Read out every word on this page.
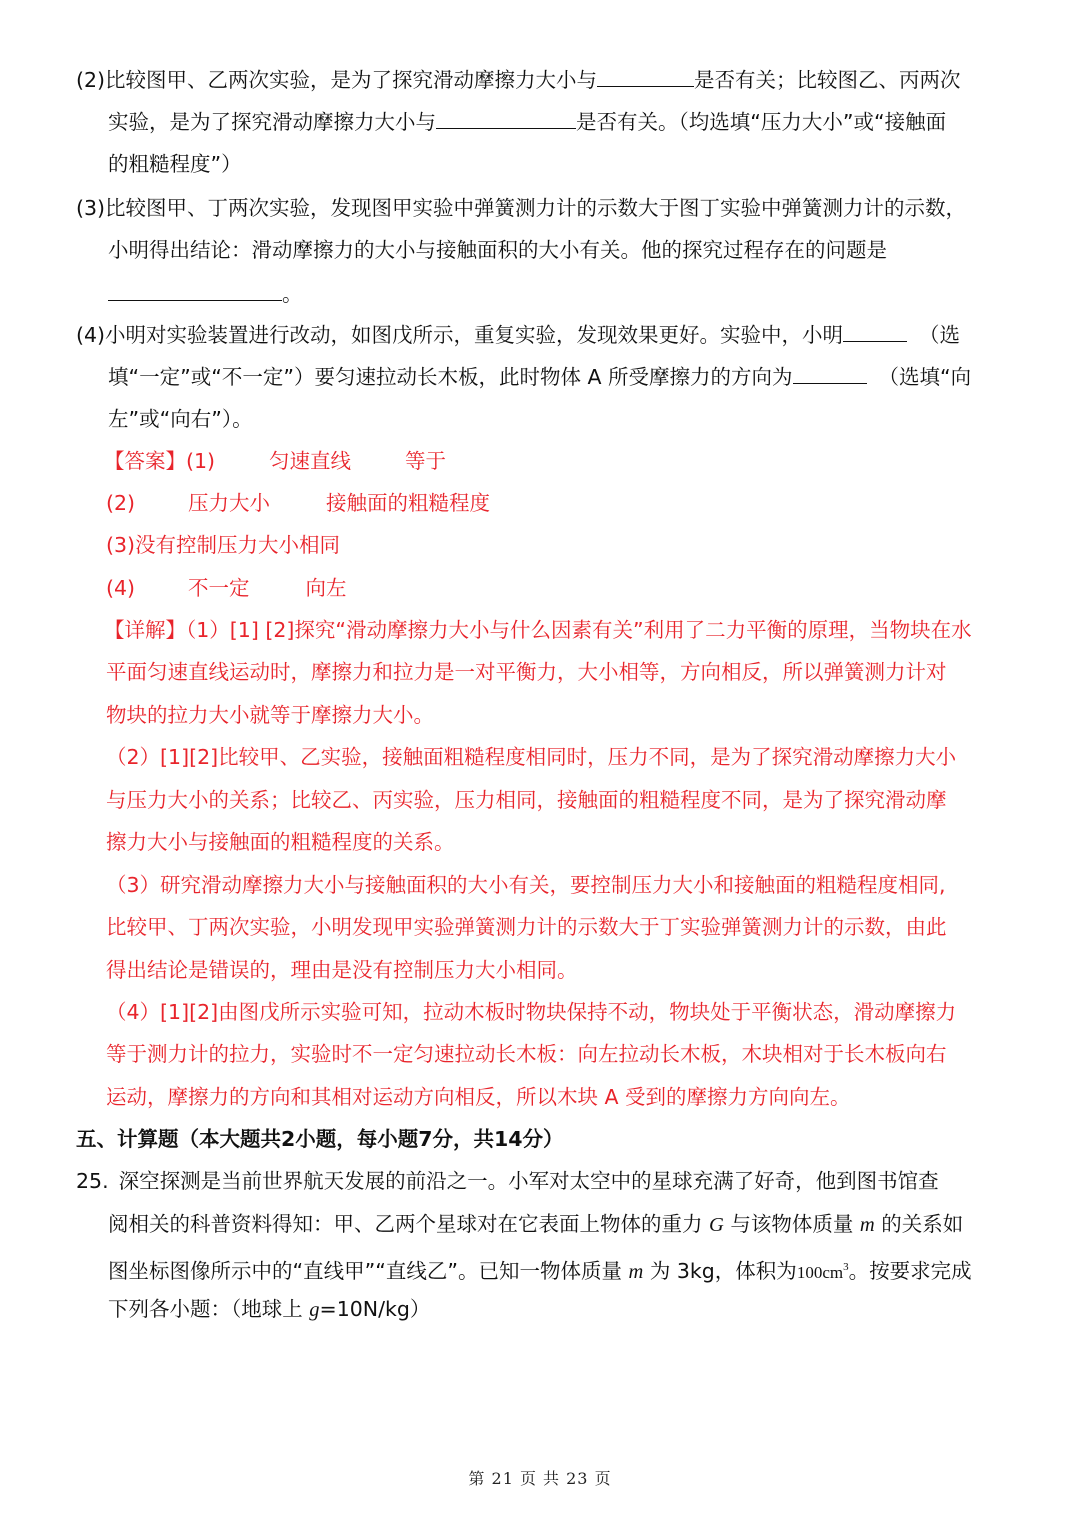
(2)比较图甲、乙两次实验，是为了探究滑动摩擦力大小与	是否有关；比较图乙、丙两次
实验，是为了探究滑动摩擦力大小与	是否有关。（均选填“压力大小”或“接触面
的粗糙程度”）
(3)比较图甲、丁两次实验，发现图甲实验中弹簧测力计的示数大于图丁实验中弹簧测力计的示数，
小明得出结论：滑动摩擦力的大小与接触面积的大小有关。他的探究过程存在的问题是
。
(4)小明对实验装置进行改动，如图戊所示，重复实验，发现效果更好。实验中，小明	（选
填“一定”或“不一定”）要匀速拉动长木板，此时物体 A 所受摩擦力的方向为	（选填“向
左”或“向右”）。
【答案】(1)	匀速直线	等于
(2)	压力大小	接触面的粗糙程度
(3)没有控制压力大小相同
(4)	不一定	向左
【详解】（1）[1] [2]探究“滑动摩擦力大小与什么因素有关”利用了二力平衡的原理，当物块在水
平面匀速直线运动时，摩擦力和拉力是一对平衡力，大小相等，方向相反，所以弹簧测力计对
物块的拉力大小就等于摩擦力大小。
（2）[1][2]比较甲、乙实验，接触面粗糙程度相同时，压力不同，是为了探究滑动摩擦力大小
与压力大小的关系；比较乙、丙实验，压力相同，接触面的粗糙程度不同，是为了探究滑动摩
擦力大小与接触面的粗糙程度的关系。
（3）研究滑动摩擦力大小与接触面积的大小有关，要控制压力大小和接触面的粗糙程度相同,
比较甲、丁两次实验，小明发现甲实验弹簧测力计的示数大于丁实验弹簧测力计的示数，由此
得出结论是错误的，理由是没有控制压力大小相同。
（4）[1][2]由图戊所示实验可知，拉动木板时物块保持不动，物块处于平衡状态，滑动摩擦力
等于测力计的拉力，实验时不一定匀速拉动长木板：向左拉动长木板，木块相对于长木板向右
运动，摩擦力的方向和其相对运动方向相反，所以木块 A 受到的摩擦力方向向左。
五、计算题（本大题共2小题，每小题7分，共14分）
25. 深空探测是当前世界航天发展的前沿之一。小军对太空中的星球充满了好奇，他到图书馆查
阅相关的科普资料得知：甲、乙两个星球对在它表面上物体的重力 G 与该物体质量 m 的关系如
图坐标图像所示中的“直线甲”“直线乙”。已知一物体质量 m 为 3kg，体积为$100cm^3$。按要求完成
下列各小题：（地球上 g=10N/kg）
第 21 页 共 23 页
